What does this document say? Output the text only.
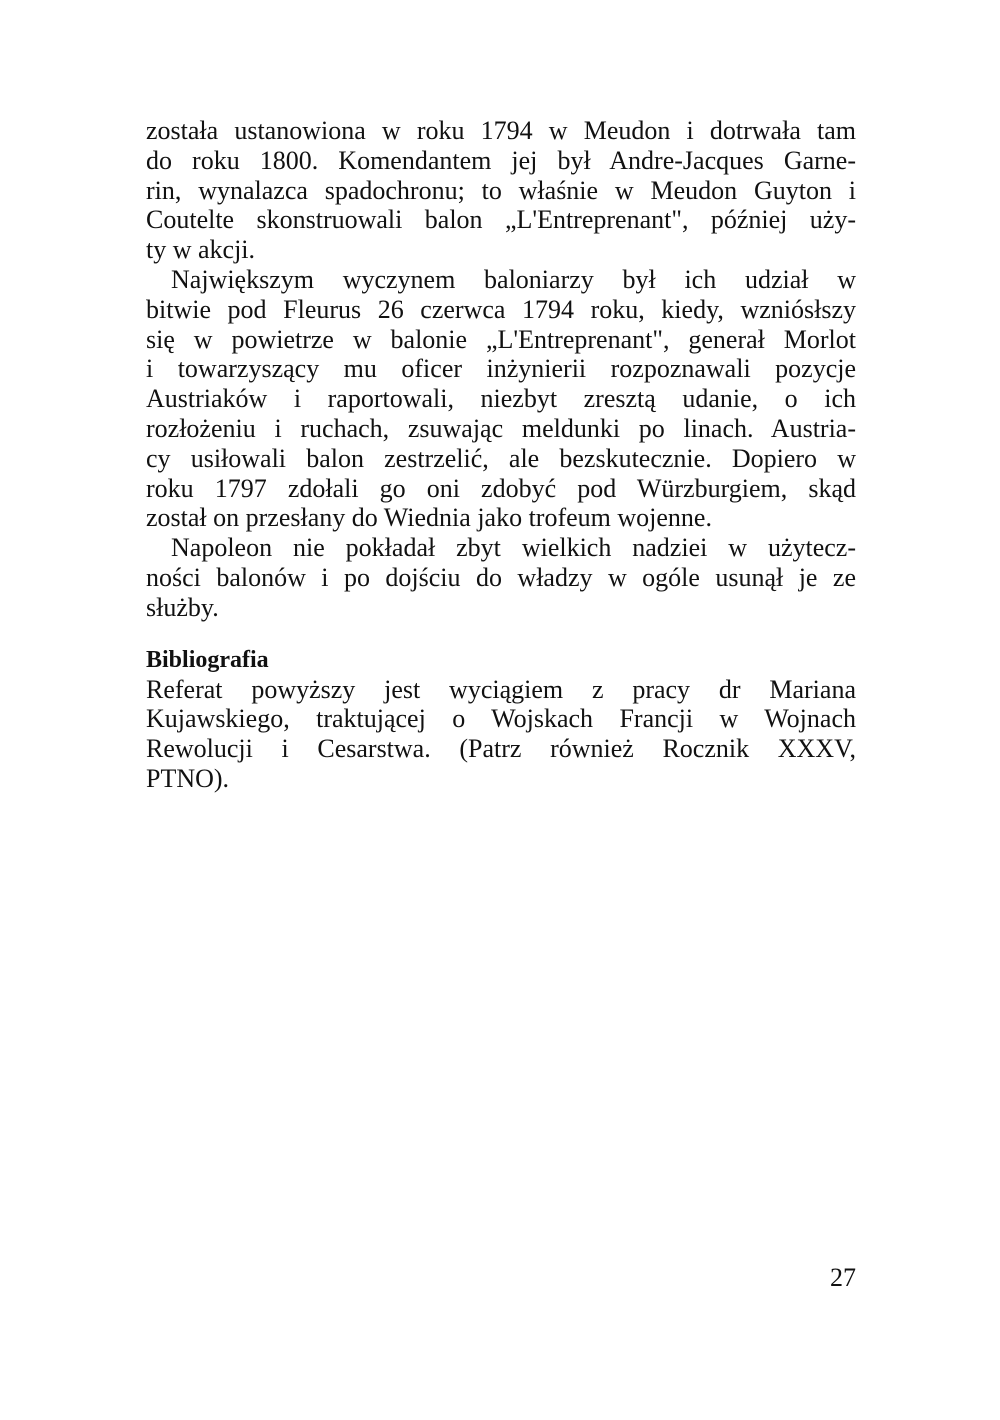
została ustanowiona w roku 1794 w Meudon i dotrwała tam
do roku 1800. Komendantem jej był Andre-Jacques Garne-
rin, wynalazca spadochronu; to właśnie w Meudon Guyton i
Coutelte skonstruowali balon „L'Entreprenant", później uży-
ty w akcji.
Największym wyczynem baloniarzy był ich udział w
bitwie pod Fleurus 26 czerwca 1794 roku, kiedy, wzniósłszy
się w powietrze w balonie „L'Entreprenant", generał Morlot
i towarzyszący mu oficer inżynierii rozpoznawali pozycje
Austriaków i raportowali, niezbyt zresztą udanie, o ich
rozłożeniu i ruchach, zsuwając meldunki po linach. Austria-
cy usiłowali balon zestrzelić, ale bezskutecznie. Dopiero w
roku 1797 zdołali go oni zdobyć pod Würzburgiem, skąd
został on przesłany do Wiednia jako trofeum wojenne.
Napoleon nie pokładał zbyt wielkich nadziei w użytecz-
ności balonów i po dojściu do władzy w ogóle usunął je ze
służby.
Bibliografia
Referat powyższy jest wyciągiem z pracy dr Mariana
Kujawskiego, traktującej o Wojskach Francji w Wojnach
Rewolucji i Cesarstwa. (Patrz również Rocznik XXXV,
PTNO).
27
